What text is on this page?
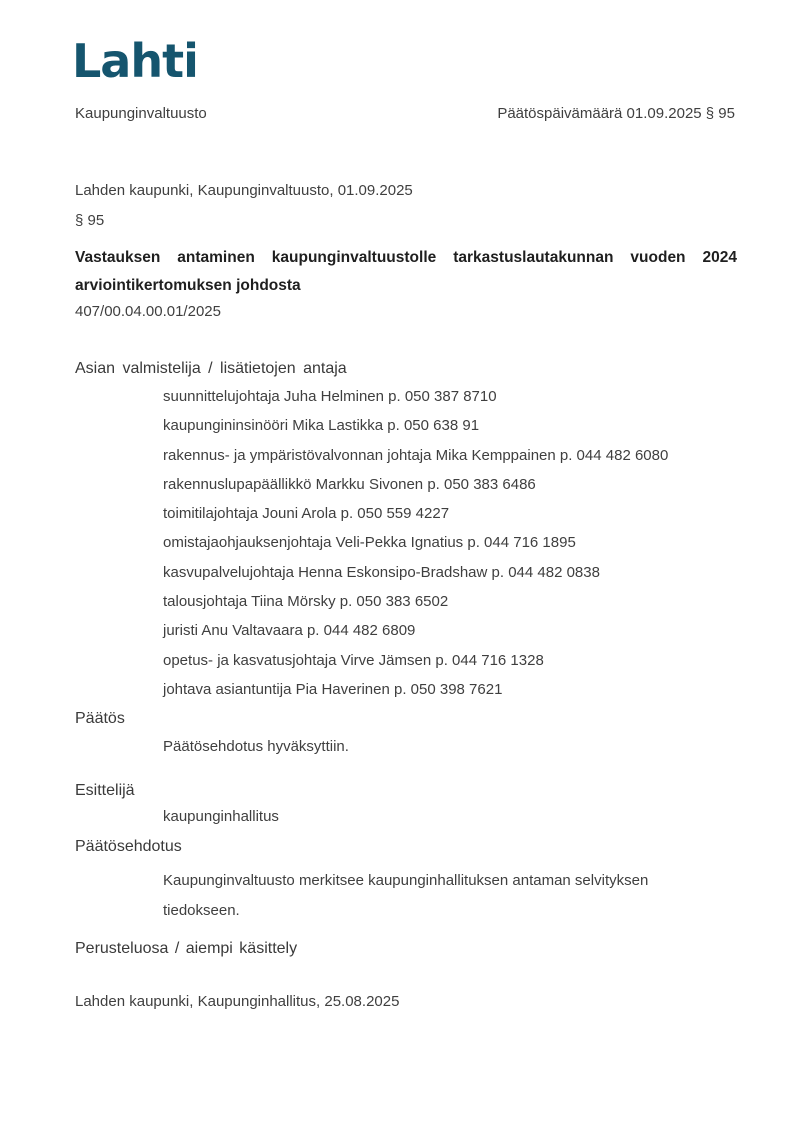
Lahti
Kaupunginvaltuusto	Päätöspäivämäärä 01.09.2025 § 95
Lahden kaupunki, Kaupunginvaltuusto, 01.09.2025
§ 95
Vastauksen antaminen kaupunginvaltuustolle tarkastuslautakunnan vuoden 2024 arviointikertomuksen johdosta
407/00.04.00.01/2025
Asian valmistelija / lisätietojen antaja
suunnittelujohtaja Juha Helminen p. 050 387 8710
kaupungininsinööri Mika Lastikka p. 050 638 91
rakennus- ja ympäristövalvonnan johtaja Mika Kemppainen p. 044 482 6080
rakennuslupapäällikkö Markku Sivonen p. 050 383 6486
toimitilajohtaja Jouni Arola p. 050 559 4227
omistajaohjauksenjohtaja Veli-Pekka Ignatius p. 044 716 1895
kasvupalvelujohtaja Henna Eskonsipo-Bradshaw p. 044 482 0838
talousjohtaja Tiina Mörsky p. 050 383 6502
juristi Anu Valtavaara p. 044 482 6809
opetus- ja kasvatusjohtaja Virve Jämsen p. 044 716 1328
johtava asiantuntija Pia Haverinen p. 050 398 7621
Päätös
Päätösehdotus hyväksyttiin.
Esittelijä
kaupunginhallitus
Päätösehdotus
Kaupunginvaltuusto merkitsee kaupunginhallituksen antaman selvityksen tiedokseen.
Perusteluosa / aiempi käsittely
Lahden kaupunki, Kaupunginhallitus, 25.08.2025
